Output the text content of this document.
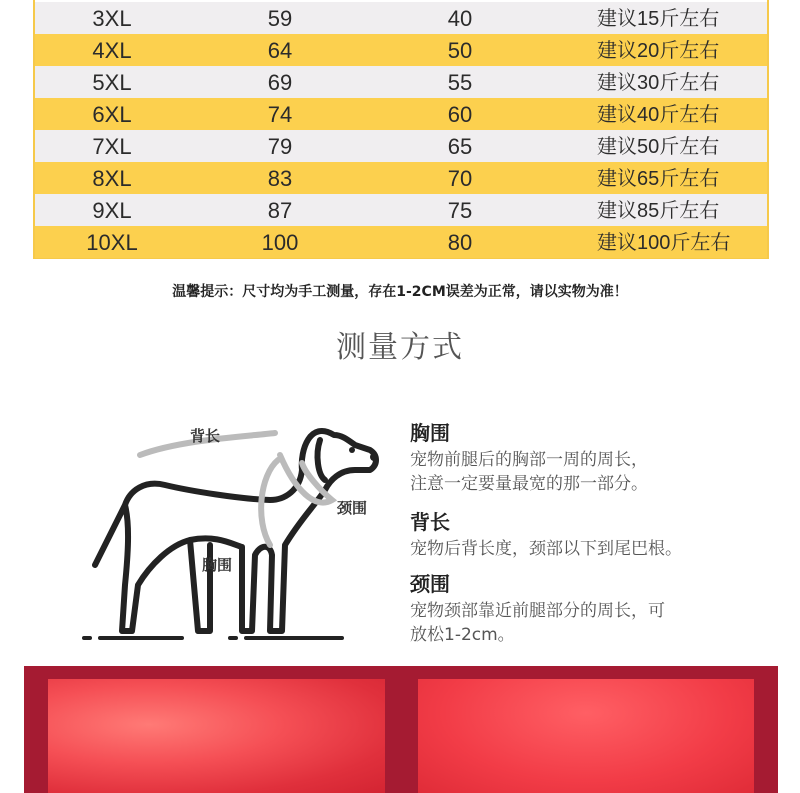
3XL	59	40	建议15斤左右
4XL	64	50	建议20斤左右
5XL	69	55	建议30斤左右
6XL	74	60	建议40斤左右
7XL	79	65	建议50斤左右
8XL	83	70	建议65斤左右
9XL	87	75	建议85斤左右
10XL	100	80	建议100斤左右
温馨提示：尺寸均为手工测量，存在1-2CM误差为正常，请以实物为准！
测量方式
背长
颈围
胸围
胸围
宠物前腿后的胸部一周的周长，
注意一定要量最宽的那一部分。
背长
宠物后背长度，颈部以下到尾巴根。
颈围
宠物颈部靠近前腿部分的周长，可
放松1-2cm。
